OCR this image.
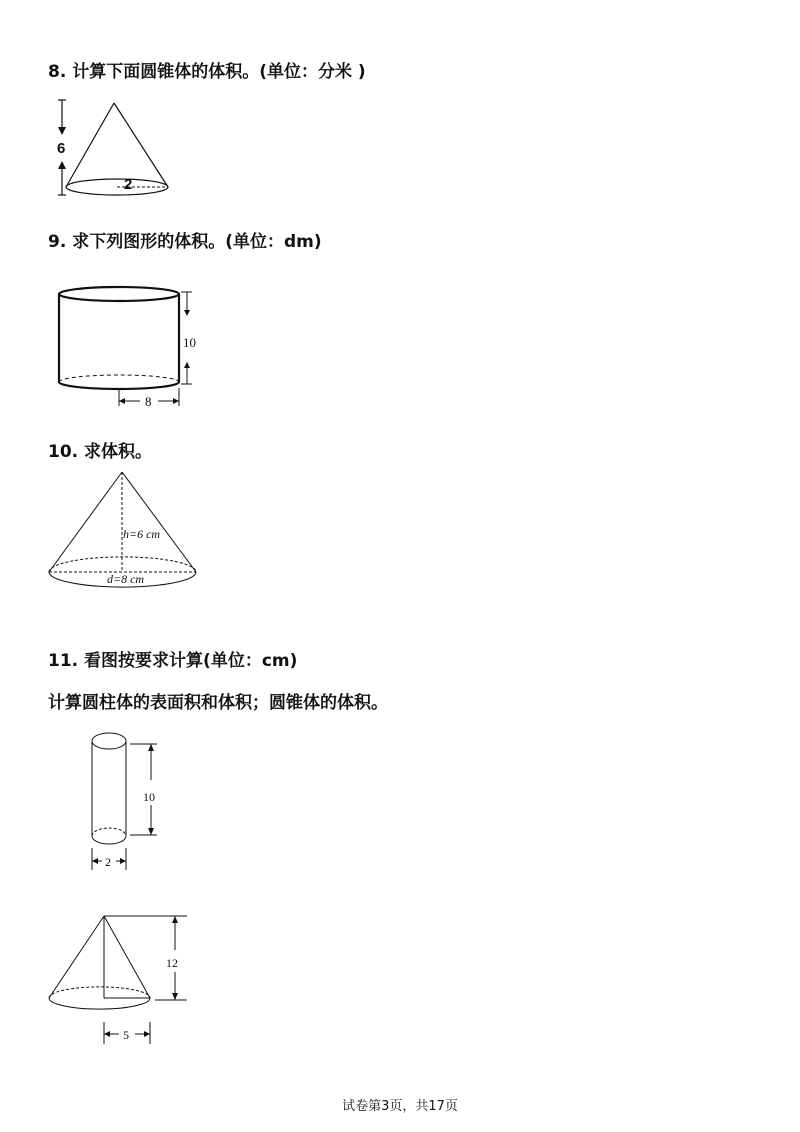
8. 计算下面圆锥体的体积。(单位：分米 )
6
2
9. 求下列图形的体积。(单位：dm)
10
8
10. 求体积。
h=6 cm
d=8 cm
11. 看图按要求计算(单位：cm)
计算圆柱体的表面积和体积；圆锥体的体积。
10
2
12
5
试卷第3页，共17页
